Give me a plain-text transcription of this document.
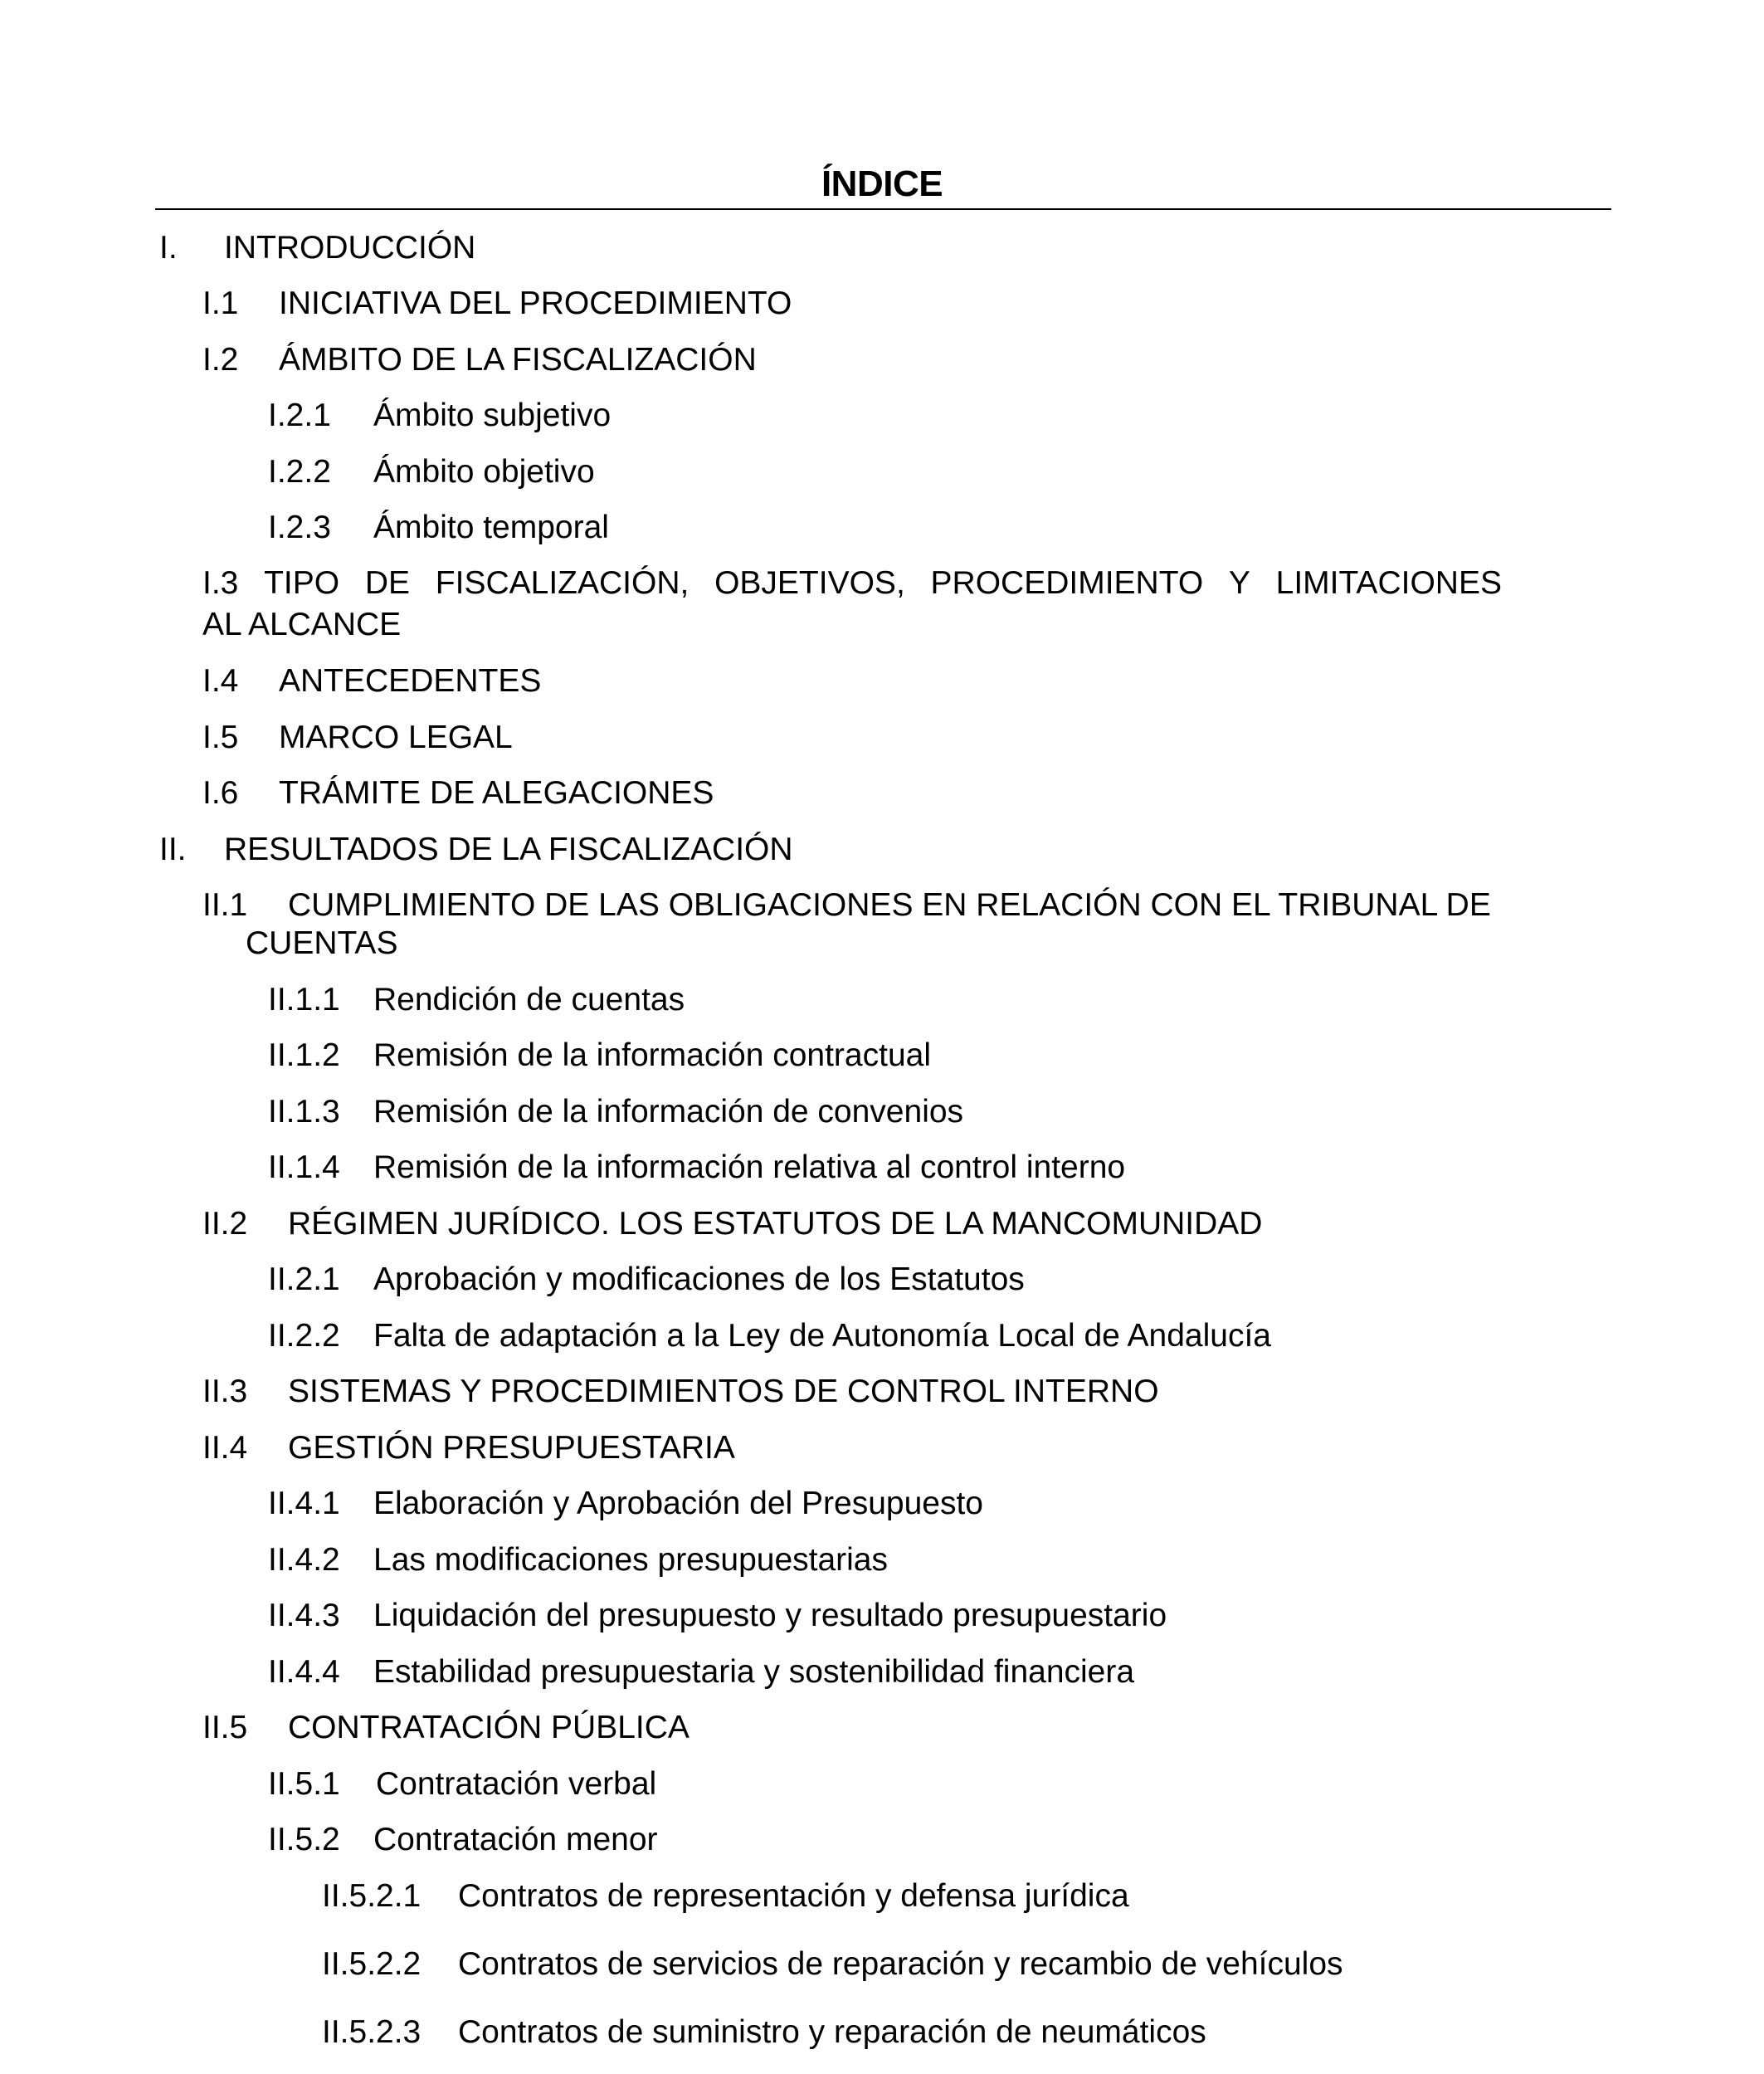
ÍNDICE
I. INTRODUCCIÓN
I.1 INICIATIVA DEL PROCEDIMIENTO
I.2 ÁMBITO DE LA FISCALIZACIÓN
I.2.1 Ámbito subjetivo
I.2.2 Ámbito objetivo
I.2.3 Ámbito temporal
I.3 TIPO DE FISCALIZACIÓN, OBJETIVOS, PROCEDIMIENTO Y LIMITACIONES
AL ALCANCE
I.4 ANTECEDENTES
I.5 MARCO LEGAL
I.6 TRÁMITE DE ALEGACIONES
II. RESULTADOS DE LA FISCALIZACIÓN
II.1 CUMPLIMIENTO DE LAS OBLIGACIONES EN RELACIÓN CON EL TRIBUNAL DE
CUENTAS
II.1.1 Rendición de cuentas
II.1.2 Remisión de la información contractual
II.1.3 Remisión de la información de convenios
II.1.4 Remisión de la información relativa al control interno
II.2 RÉGIMEN JURÍDICO. LOS ESTATUTOS DE LA MANCOMUNIDAD
II.2.1 Aprobación y modificaciones de los Estatutos
II.2.2 Falta de adaptación a la Ley de Autonomía Local de Andalucía
II.3 SISTEMAS Y PROCEDIMIENTOS DE CONTROL INTERNO
II.4 GESTIÓN PRESUPUESTARIA
II.4.1 Elaboración y Aprobación del Presupuesto
II.4.2 Las modificaciones presupuestarias
II.4.3 Liquidación del presupuesto y resultado presupuestario
II.4.4 Estabilidad presupuestaria y sostenibilidad financiera
II.5 CONTRATACIÓN PÚBLICA
II.5.1 Contratación verbal
II.5.2 Contratación menor
II.5.2.1 Contratos de representación y defensa jurídica
II.5.2.2 Contratos de servicios de reparación y recambio de vehículos
II.5.2.3 Contratos de suministro y reparación de neumáticos
